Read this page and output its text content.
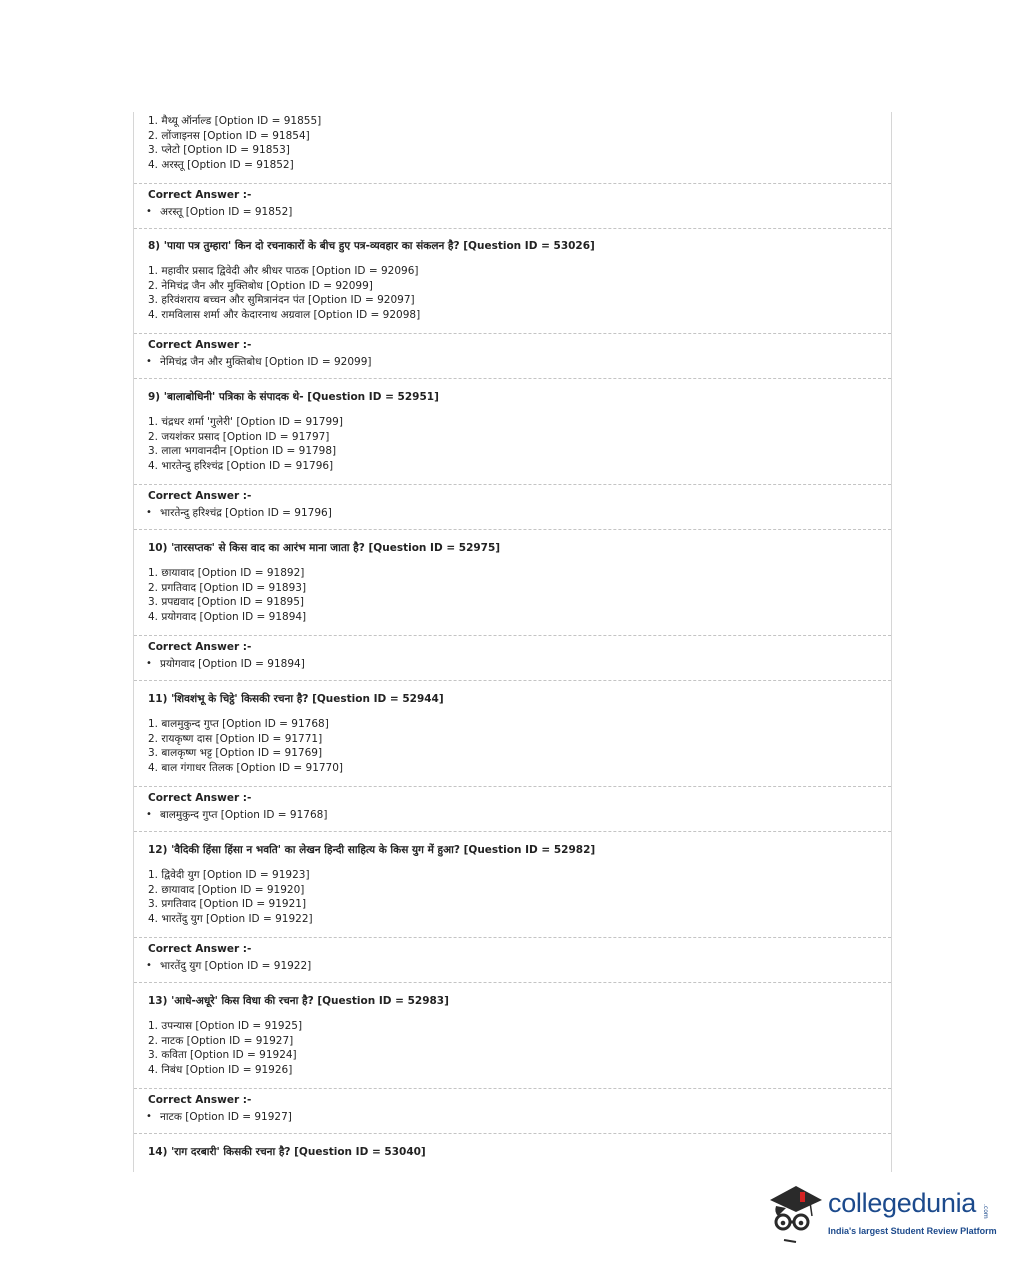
1. मैथ्यू ऑर्नाल्ड [Option ID = 91855]
2. लोंजाइनस [Option ID = 91854]
3. प्लेटो [Option ID = 91853]
4. अरस्तू [Option ID = 91852]
Correct Answer :-
• अरस्तू [Option ID = 91852]
8) 'पाया पत्र तुम्हारा' किन दो रचनाकारों के बीच हुए पत्र-व्यवहार का संकलन है? [Question ID = 53026]
1. महावीर प्रसाद द्विवेदी और श्रीधर पाठक [Option ID = 92096]
2. नेमिचंद्र जैन और मुक्तिबोध [Option ID = 92099]
3. हरिवंशराय बच्चन और सुमित्रानंदन पंत [Option ID = 92097]
4. रामविलास शर्मा और केदारनाथ अग्रवाल [Option ID = 92098]
Correct Answer :-
• नेमिचंद्र जैन और मुक्तिबोध [Option ID = 92099]
9) 'बालाबोधिनी' पत्रिका के संपादक थे- [Question ID = 52951]
1. चंद्रधर शर्मा 'गुलेरी' [Option ID = 91799]
2. जयशंकर प्रसाद [Option ID = 91797]
3. लाला भगवानदीन [Option ID = 91798]
4. भारतेन्दु हरिश्चंद्र [Option ID = 91796]
Correct Answer :-
• भारतेन्दु हरिश्चंद्र [Option ID = 91796]
10) 'तारसप्तक' से किस वाद का आरंभ माना जाता है? [Question ID = 52975]
1. छायावाद [Option ID = 91892]
2. प्रगतिवाद [Option ID = 91893]
3. प्रपद्यवाद [Option ID = 91895]
4. प्रयोगवाद [Option ID = 91894]
Correct Answer :-
• प्रयोगवाद [Option ID = 91894]
11) 'शिवशंभू के चिट्ठे' किसकी रचना है? [Question ID = 52944]
1. बालमुकुन्द गुप्त [Option ID = 91768]
2. रायकृष्ण दास [Option ID = 91771]
3. बालकृष्ण भट्ट [Option ID = 91769]
4. बाल गंगाधर तिलक [Option ID = 91770]
Correct Answer :-
• बालमुकुन्द गुप्त [Option ID = 91768]
12) 'वैदिकी हिंसा हिंसा न भवति' का लेखन हिन्दी साहित्य के किस युग में हुआ? [Question ID = 52982]
1. द्विवेदी युग [Option ID = 91923]
2. छायावाद [Option ID = 91920]
3. प्रगतिवाद [Option ID = 91921]
4. भारतेंदु युग [Option ID = 91922]
Correct Answer :-
• भारतेंदु युग [Option ID = 91922]
13) 'आधे-अधूरे' किस विधा की रचना है? [Question ID = 52983]
1. उपन्यास [Option ID = 91925]
2. नाटक [Option ID = 91927]
3. कविता [Option ID = 91924]
4. निबंध [Option ID = 91926]
Correct Answer :-
• नाटक [Option ID = 91927]
14) 'राग दरबारी' किसकी रचना है? [Question ID = 53040]
collegedunia .com
India's largest Student Review Platform
